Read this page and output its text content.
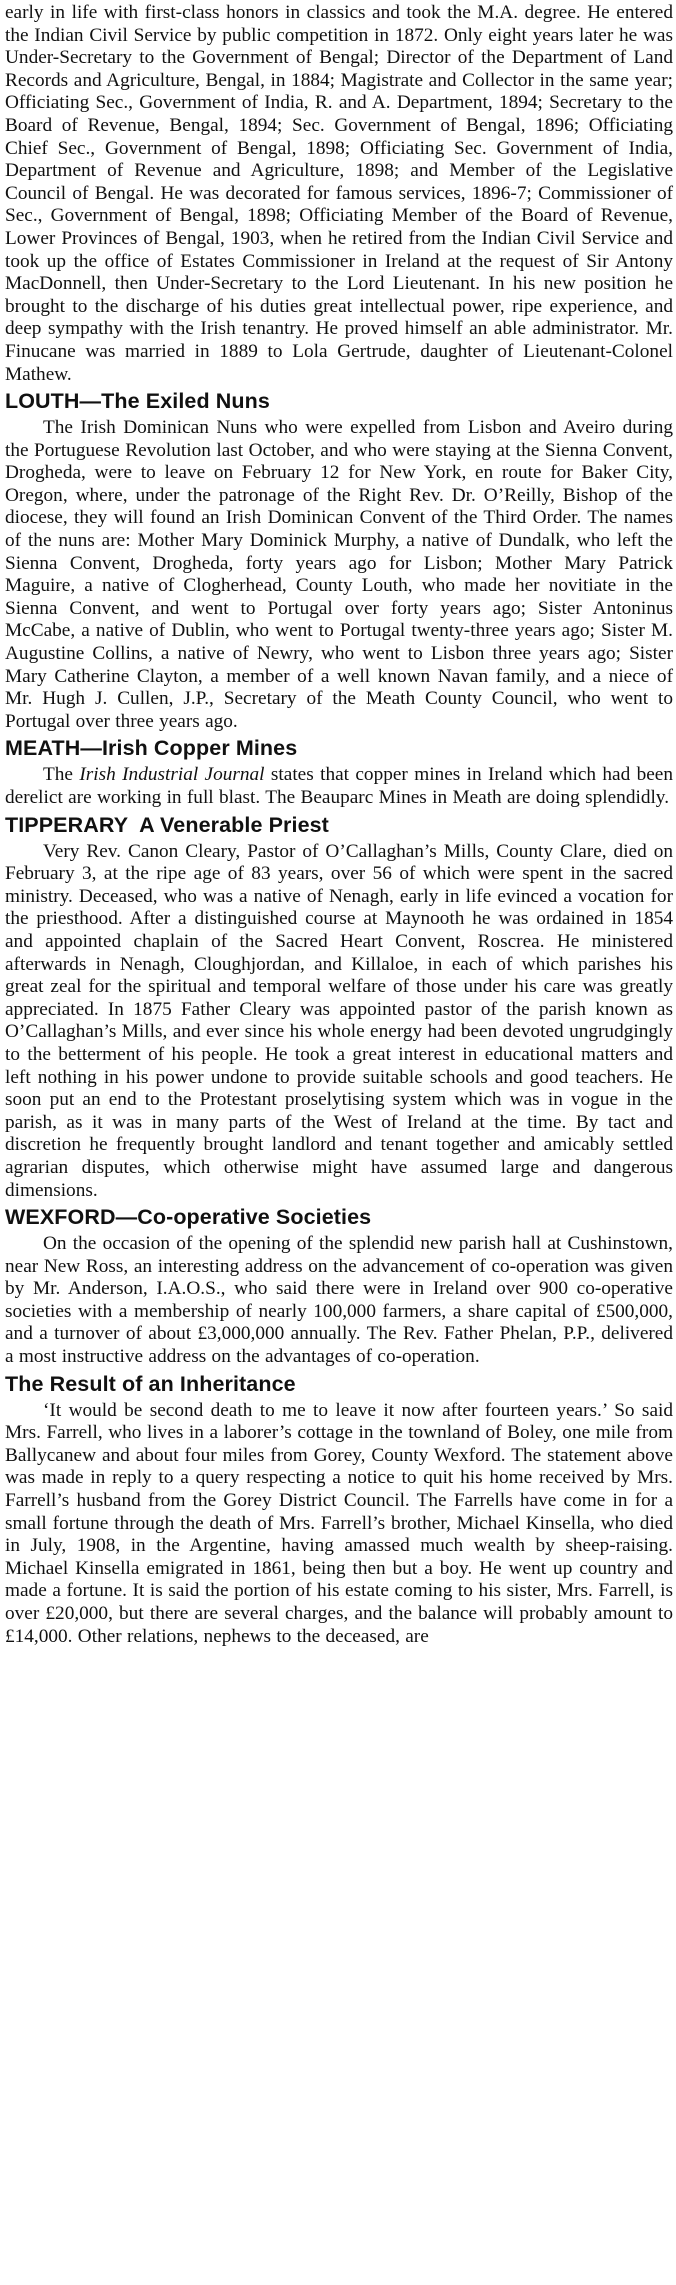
early in life with first-class honors in classics and took the M.A. degree. He entered the Indian Civil Service by public competition in 1872. Only eight years later he was Under-Secretary to the Government of Bengal; Director of the Department of Land Records and Agriculture, Bengal, in 1884; Magistrate and Collector in the same year; Officiating Sec., Government of India, R. and A. Department, 1894; Secretary to the Board of Revenue, Bengal, 1894; Sec. Government of Bengal, 1896; Officiating Chief Sec., Government of Bengal, 1898; Officiating Sec. Government of India, Department of Revenue and Agriculture, 1898; and Member of the Legislative Council of Bengal. He was decorated for famous services, 1896-7; Commissioner of Sec., Government of Bengal, 1898; Officiating Member of the Board of Revenue, Lower Provinces of Bengal, 1903, when he retired from the Indian Civil Service and took up the office of Estates Commissioner in Ireland at the request of Sir Antony MacDonnell, then Under-Secretary to the Lord Lieutenant. In his new position he brought to the discharge of his duties great intellectual power, ripe experience, and deep sympathy with the Irish tenantry. He proved himself an able administrator. Mr. Finucane was married in 1889 to Lola Gertrude, daughter of Lieutenant-Colonel Mathew.

LOUTH—The Exiled Nuns

The Irish Dominican Nuns who were expelled from Lisbon and Aveiro during the Portuguese Revolution last October, and who were staying at the Sienna Convent, Drogheda, were to leave on February 12 for New York, en route for Baker City, Oregon, where, under the patronage of the Right Rev. Dr. O’Reilly, Bishop of the diocese, they will found an Irish Dominican Convent of the Third Order. The names of the nuns are: Mother Mary Dominick Murphy, a native of Dundalk, who left the Sienna Convent, Drogheda, forty years ago for Lisbon; Mother Mary Patrick Maguire, a native of Clogherhead, County Louth, who made her novitiate in the Sienna Convent, and went to Portugal over forty years ago; Sister Antoninus McCabe, a native of Dublin, who went to Portugal twenty-three years ago; Sister M. Augustine Collins, a native of Newry, who went to Lisbon three years ago; Sister Mary Catherine Clayton, a member of a well known Navan family, and a niece of Mr. Hugh J. Cullen, J.P., Secretary of the Meath County Council, who went to Portugal over three years ago.

MEATH—Irish Copper Mines

The Irish Industrial Journal states that copper mines in Ireland which had been derelict are working in full blast. The Beauparc Mines in Meath are doing splendidly.

TIPPERARY A Venerable Priest

Very Rev. Canon Cleary, Pastor of O’Callaghan’s Mills, County Clare, died on February 3, at the ripe age of 83 years, over 56 of which were spent in the sacred ministry. Deceased, who was a native of Nenagh, early in life evinced a vocation for the priesthood. After a distinguished course at Maynooth he was ordained in 1854 and appointed chaplain of the Sacred Heart Convent, Roscrea. He ministered afterwards in Nenagh, Cloughjordan, and Killaloe, in each of which parishes his great zeal for the spiritual and temporal welfare of those under his care was greatly appreciated. In 1875 Father Cleary was appointed pastor of the parish known as O’Callaghan’s Mills, and ever since his whole energy had been devoted ungrudgingly to the betterment of his people. He took a great interest in educational matters and left nothing in his power undone to provide suitable schools and good teachers. He soon put an end to the Protestant proselytising system which was in vogue in the parish, as it was in many parts of the West of Ireland at the time. By tact and discretion he frequently brought landlord and tenant together and amicably settled agrarian disputes, which otherwise might have assumed large and dangerous dimensions.

WEXFORD—Co-operative Societies

On the occasion of the opening of the splendid new parish hall at Cushinstown, near New Ross, an interesting address on the advancement of co-operation was given by Mr. Anderson, I.A.O.S., who said there were in Ireland over 900 co-operative societies with a membership of nearly 100,000 farmers, a share capital of £500,000, and a turnover of about £3,000,000 annually. The Rev. Father Phelan, P.P., delivered a most instructive address on the advantages of co-operation.

The Result of an Inheritance

‘It would be second death to me to leave it now after fourteen years.’ So said Mrs. Farrell, who lives in a laborer’s cottage in the townland of Boley, one mile from Ballycanew and about four miles from Gorey, County Wexford. The statement above was made in reply to a query respecting a notice to quit his home received by Mrs. Farrell’s husband from the Gorey District Council. The Farrells have come in for a small fortune through the death of Mrs. Farrell’s brother, Michael Kinsella, who died in July, 1908, in the Argentine, having amassed much wealth by sheep-raising. Michael Kinsella emigrated in 1861, being then but a boy. He went up country and made a fortune. It is said the portion of his estate coming to his sister, Mrs. Farrell, is over £20,000, but there are several charges, and the balance will probably amount to £14,000. Other relations, nephews to the deceased, are
